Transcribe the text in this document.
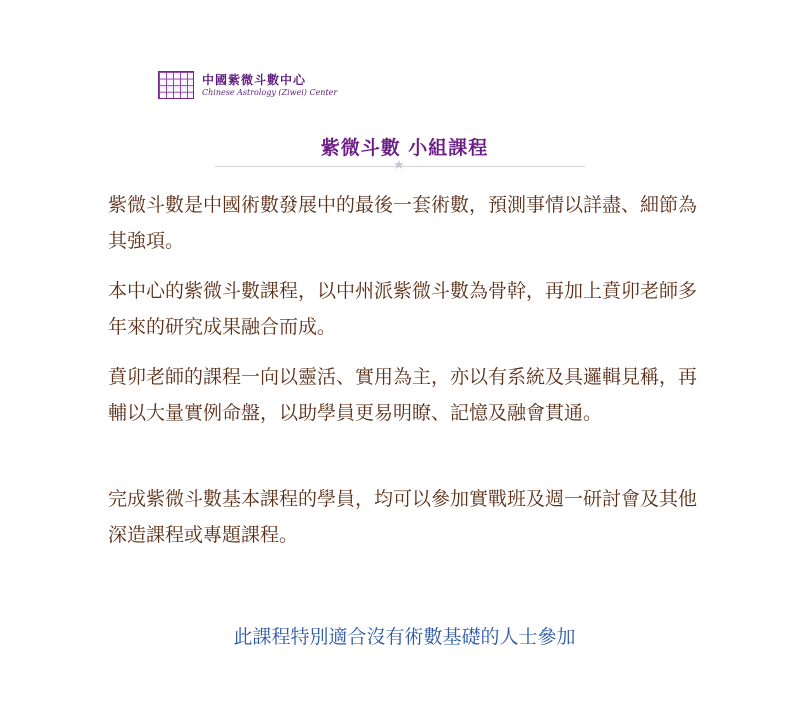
中國紫微斗數中心
Chinese Astrology (Ziwei) Center
紫微斗數 小組課程
★

紫微斗數是中國術數發展中的最後一套術數，預測事情以詳盡、細節為其強項。

本中心的紫微斗數課程，以中州派紫微斗數為骨幹，再加上賁卯老師多年來的研究成果融合而成。

賁卯老師的課程一向以靈活、實用為主，亦以有系統及具邏輯見稱，再輔以大量實例命盤，以助學員更易明瞭、記憶及融會貫通。

完成紫微斗數基本課程的學員，均可以參加實戰班及週一研討會及其他深造課程或專題課程。

此課程特別適合沒有術數基礎的人士參加
